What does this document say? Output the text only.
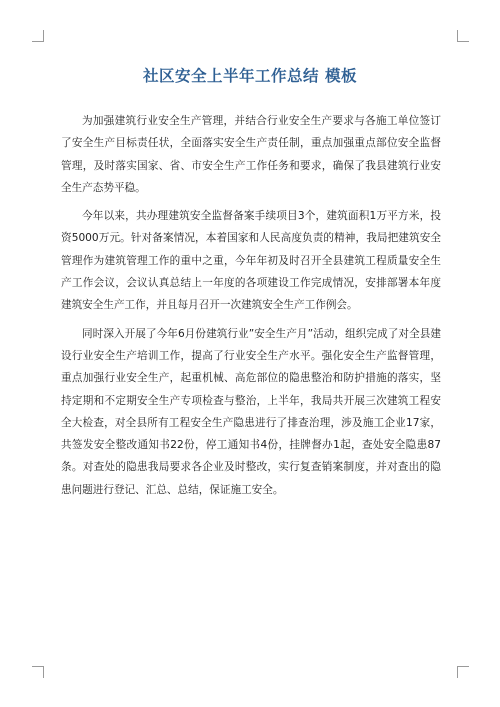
社区安全上半年工作总结 模板

为加强建筑行业安全生产管理，并结合行业安全生产要求与各施工单位签订了安全生产目标责任状，全面落实安全生产责任制，重点加强重点部位安全监督管理，及时落实国家、省、市安全生产工作任务和要求，确保了我县建筑行业安全生产态势平稳。

今年以来，共办理建筑安全监督备案手续项目3个，建筑面积1万平方米，投资5000万元。针对备案情况，本着国家和人民高度负责的精神，我局把建筑安全管理作为建筑管理工作的重中之重，今年年初及时召开全县建筑工程质量安全生产工作会议，会议认真总结上一年度的各项建设工作完成情况，安排部署本年度建筑安全生产工作，并且每月召开一次建筑安全生产工作例会。

同时深入开展了今年6月份建筑行业”安全生产月”活动，组织完成了对全县建设行业安全生产培训工作，提高了行业安全生产水平。强化安全生产监督管理，重点加强行业安全生产，起重机械、高危部位的隐患整治和防护措施的落实，坚持定期和不定期安全生产专项检查与整治，上半年，我局共开展三次建筑工程安全大检查，对全县所有工程安全生产隐患进行了排查治理，涉及施工企业17家，共签发安全整改通知书22份，停工通知书4份，挂牌督办1起，查处安全隐患87条。对查处的隐患我局要求各企业及时整改，实行复查销案制度，并对查出的隐患问题进行登记、汇总、总结，保证施工安全。
